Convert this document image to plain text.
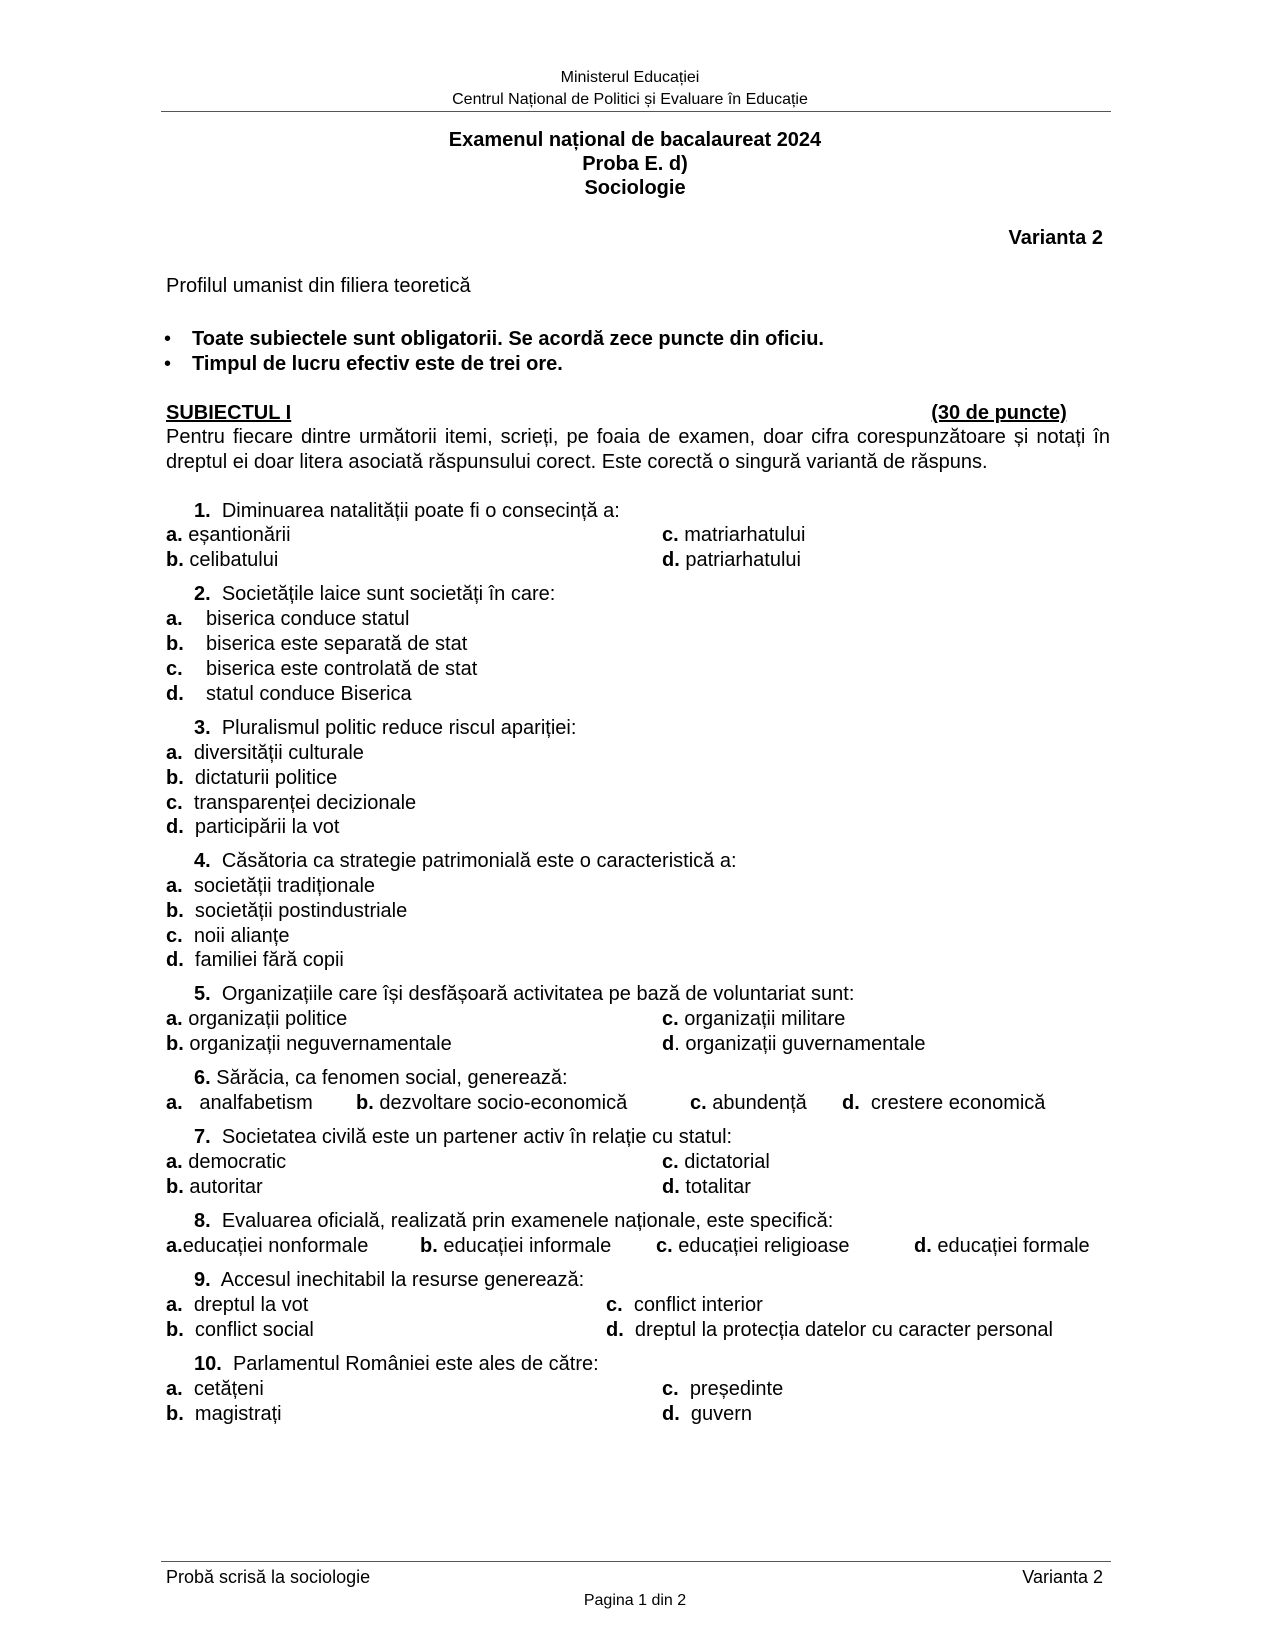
Ministerul Educației
Centrul Național de Politici și Evaluare în Educație
Examenul național de bacalaureat 2024
Proba E. d)
Sociologie
Varianta 2
Profilul umanist din filiera teoretică
• Toate subiectele sunt obligatorii. Se acordă zece puncte din oficiu.
• Timpul de lucru efectiv este de trei ore.
SUBIECTUL I	(30 de puncte)
Pentru fiecare dintre următorii itemi, scrieți, pe foaia de examen, doar cifra corespunzătoare și notați în dreptul ei doar litera asociată răspunsului corect. Este corectă o singură variantă de răspuns.
1. Diminuarea natalității poate fi o consecință a:
a. eșantionării
b. celibatului
c. matriarhatului
d. patriarhatului
2. Societățile laice sunt societăți în care:
a. biserica conduce statul
b. biserica este separată de stat
c. biserica este controlată de stat
d. statul conduce Biserica
3. Pluralismul politic reduce riscul apariției:
a. diversității culturale
b. dictaturii politice
c. transparenței decizionale
d. participării la vot
4. Căsătoria ca strategie patrimonială este o caracteristică a:
a. societății tradiționale
b. societății postindustriale
c. noii alianțe
d. familiei fără copii
5. Organizațiile care își desfășoară activitatea pe bază de voluntariat sunt:
a. organizații politice
b. organizații neguvernamentale
c. organizații militare
d. organizații guvernamentale
6. Sărăcia, ca fenomen social, generează:
a. analfabetism b. dezvoltare socio-economică	c. abundență d. crestere economică
7. Societatea civilă este un partener activ în relație cu statul:
a. democratic
b. autoritar
c. dictatorial
d. totalitar
8. Evaluarea oficială, realizată prin examenele naționale, este specifică:
a.educației nonformale	b. educației informale c. educației religioase	d. educației formale
9. Accesul inechitabil la resurse generează:
a. dreptul la vot
b. conflict social
c. conflict interior
d. dreptul la protecția datelor cu caracter personal
10. Parlamentul României este ales de către:
a. cetățeni
b. magistrați
c. președinte
d. guvern
Probă scrisă la sociologie	Varianta 2
Pagina 1 din 2
